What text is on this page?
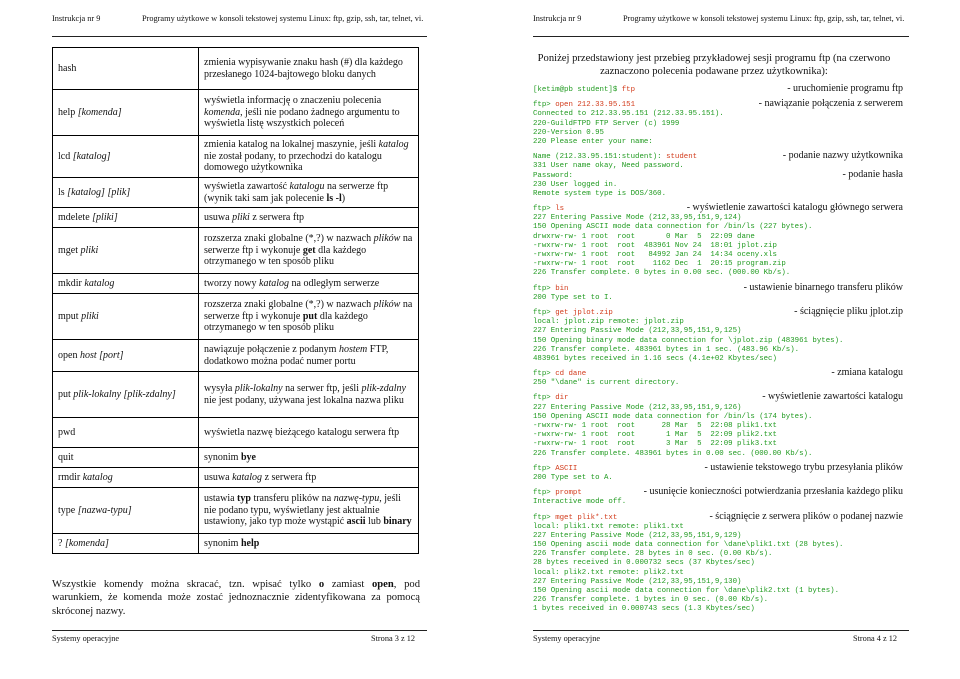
Instrukcja nr 9	Programy użytkowe w konsoli tekstowej systemu Linux: ftp, gzip, ssh, tar, telnet, vi.
hash	zmienia wypisywanie znaku hash (#) dla każdego przesłanego 1024-bajtowego bloku danych
help [komenda]	wyświetla informację o znaczeniu polecenia komenda, jeśli nie podano żadnego argumentu to wyświetla listę wszystkich poleceń
lcd [katalog]	zmienia katalog na lokalnej maszynie, jeśli katalog nie został podany, to przechodzi do katalogu domowego użytkownika
ls [katalog] [plik]	wyświetla zawartość katalogu na serwerze ftp (wynik taki sam jak polecenie ls -l)
mdelete [pliki]	usuwa pliki z serwera ftp
mget pliki	rozszerza znaki globalne (*,?) w nazwach plików na serwerze ftp i wykonuje get dla każdego otrzymanego w ten sposób pliku
mkdir katalog	tworzy nowy katalog na odległym serwerze
mput pliki	rozszerza znaki globalne (*,?) w nazwach plików na serwerze ftp i wykonuje put dla każdego otrzymanego w ten sposób pliku
open host [port]	nawiązuje połączenie z podanym hostem FTP, dodatkowo można podać numer portu
put plik-lokalny [plik-zdalny]	wysyła plik-lokalny na serwer ftp, jeśli plik-zdalny nie jest podany, używana jest lokalna nazwa pliku
pwd	wyświetla nazwę bieżącego katalogu serwera ftp
quit	synonim bye
rmdir katalog	usuwa katalog z serwera ftp
type [nazwa-typu]	ustawia typ transferu plików na nazwę-typu, jeśli nie podano typu, wyświetlany jest aktualnie ustawiony, jako typ może wystąpić ascii lub binary
? [komenda]	synonim help
Wszystkie komendy można skracać, tzn. wpisać tylko o zamiast open, pod warunkiem, że komenda może zostać jednoznacznie zidentyfikowana za pomocą skróconej nazwy.
Systemy operacyjne	Strona 3 z 12
Instrukcja nr 9	Programy użytkowe w konsoli tekstowej systemu Linux: ftp, gzip, ssh, tar, telnet, vi.
Systemy operacyjne	Strona 4 z 12
Poniżej przedstawiony jest przebieg przykładowej sesji programu ftp (na czerwono zaznaczono polecenia podawane przez użytkownika):
[ketim@pb student]$ ftp	- uruchomienie programu ftp
ftp> open 212.33.95.151	- nawiązanie połączenia z serwerem
Connected to 212.33.95.151 (212.33.95.151).
220-GuildFTPD FTP Server (c) 1999
220-Version 0.95
220 Please enter your name:
Name (212.33.95.151:student): student	- podanie nazwy użytkownika
331 User name okay, Need password.
Password:	- podanie hasła
230 User logged in.
Remote system type is DOS/360.
ftp> ls	- wyświetlenie zawartości katalogu głównego serwera
227 Entering Passive Mode (212,33,95,151,9,124)
150 Opening ASCII mode data connection for /bin/ls (227 bytes).
drwxrw-rw- 1 root  root       0 Mar  5  22:09 dane
-rwxrw-rw- 1 root  root  483961 Nov 24  18:01 jplot.zip
-rwxrw-rw- 1 root  root   84992 Jan 24  14:34 oceny.xls
-rwxrw-rw- 1 root  root    1162 Dec  1  20:15 program.zip
226 Transfer complete. 0 bytes in 0.00 sec. (000.00 Kb/s).
ftp> bin	- ustawienie binarnego transferu plików
200 Type set to I.
ftp> get jplot.zip	- ściągnięcie pliku jplot.zip
local: jplot.zip remote: jplot.zip
227 Entering Passive Mode (212,33,95,151,9,125)
150 Opening binary mode data connection for \jplot.zip (483961 bytes).
226 Transfer complete. 483961 bytes in 1 sec. (483.96 Kb/s).
483961 bytes received in 1.16 secs (4.1e+02 Kbytes/sec)
ftp> cd dane	- zmiana katalogu
250 "\dane" is current directory.
ftp> dir	- wyświetlenie zawartości katalogu
227 Entering Passive Mode (212,33,95,151,9,126)
150 Opening ASCII mode data connection for /bin/ls (174 bytes).
-rwxrw-rw- 1 root  root      28 Mar  5  22:08 plik1.txt
-rwxrw-rw- 1 root  root       1 Mar  5  22:09 plik2.txt
-rwxrw-rw- 1 root  root       3 Mar  5  22:09 plik3.txt
226 Transfer complete. 483961 bytes in 0.00 sec. (000.00 Kb/s).
ftp> ASCII	- ustawienie tekstowego trybu przesyłania plików
200 Type set to A.
ftp> prompt	- usunięcie konieczności potwierdzania przesłania każdego pliku
Interactive mode off.
ftp> mget plik*.txt	- ściągnięcie z serwera plików o podanej nazwie
local: plik1.txt remote: plik1.txt
227 Entering Passive Mode (212,33,95,151,9,129)
150 Opening ascii mode data connection for \dane\plik1.txt (28 bytes).
226 Transfer complete. 28 bytes in 0 sec. (0.00 Kb/s).
28 bytes received in 0.000732 secs (37 Kbytes/sec)
local: plik2.txt remote: plik2.txt
227 Entering Passive Mode (212,33,95,151,9,130)
150 Opening ascii mode data connection for \dane\plik2.txt (1 bytes).
226 Transfer complete. 1 bytes in 0 sec. (0.00 Kb/s).
1 bytes received in 0.000743 secs (1.3 Kbytes/sec)
